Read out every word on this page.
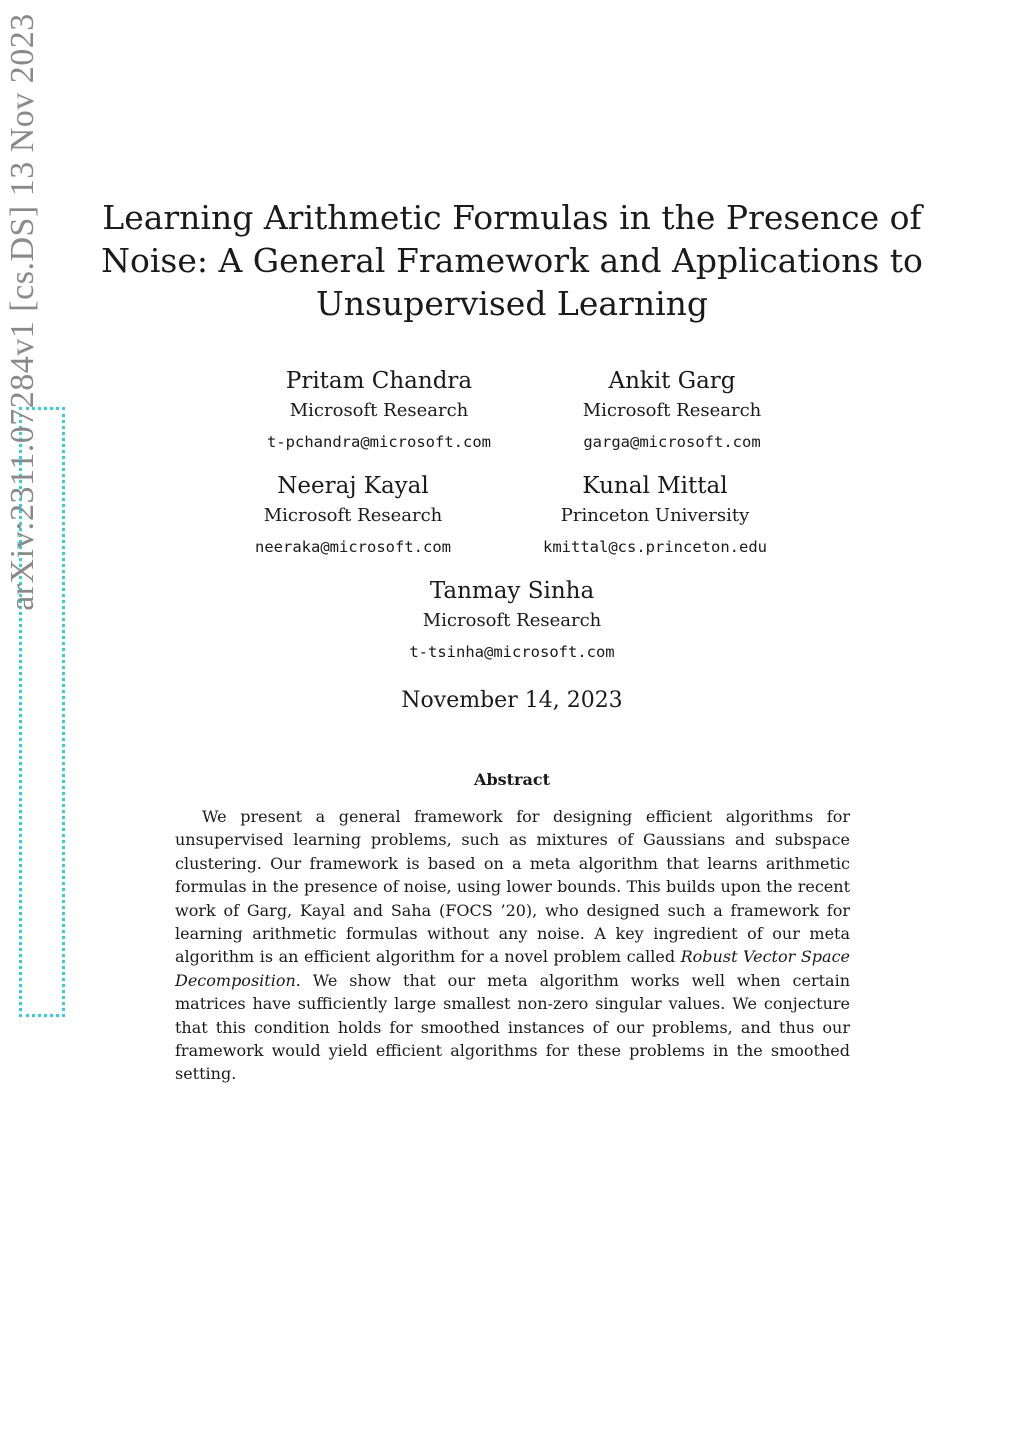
arXiv:2311.07284v1 [cs.DS] 13 Nov 2023 Learning Arithmetic Formulas in the Presence of Noise: A General Framework and Applications to Unsupervised Learning
Pritam Chandra
Microsoft Research
t-pchandra@microsoft.com
Ankit Garg
Microsoft Research
garga@microsoft.com
Neeraj Kayal
Microsoft Research
neeraka@microsoft.com
Kunal Mittal
Princeton University
kmittal@cs.princeton.edu
Tanmay Sinha
Microsoft Research
t-tsinha@microsoft.com
November 14, 2023
Abstract

We present a general framework for designing efficient algorithms for unsupervised learning problems, such as mixtures of Gaussians and subspace clustering. Our framework is based on a meta algorithm that learns arithmetic formulas in the presence of noise, using lower bounds. This builds upon the recent work of Garg, Kayal and Saha (FOCS ’20), who designed such a framework for learning arithmetic formulas without any noise. A key ingredient of our meta algorithm is an efficient algorithm for a novel problem called Robust Vector Space Decomposition. We show that our meta algorithm works well when certain matrices have sufficiently large smallest non-zero singular values. We conjecture that this condition holds for smoothed instances of our problems, and thus our framework would yield efficient algorithms for these problems in the smoothed setting.
